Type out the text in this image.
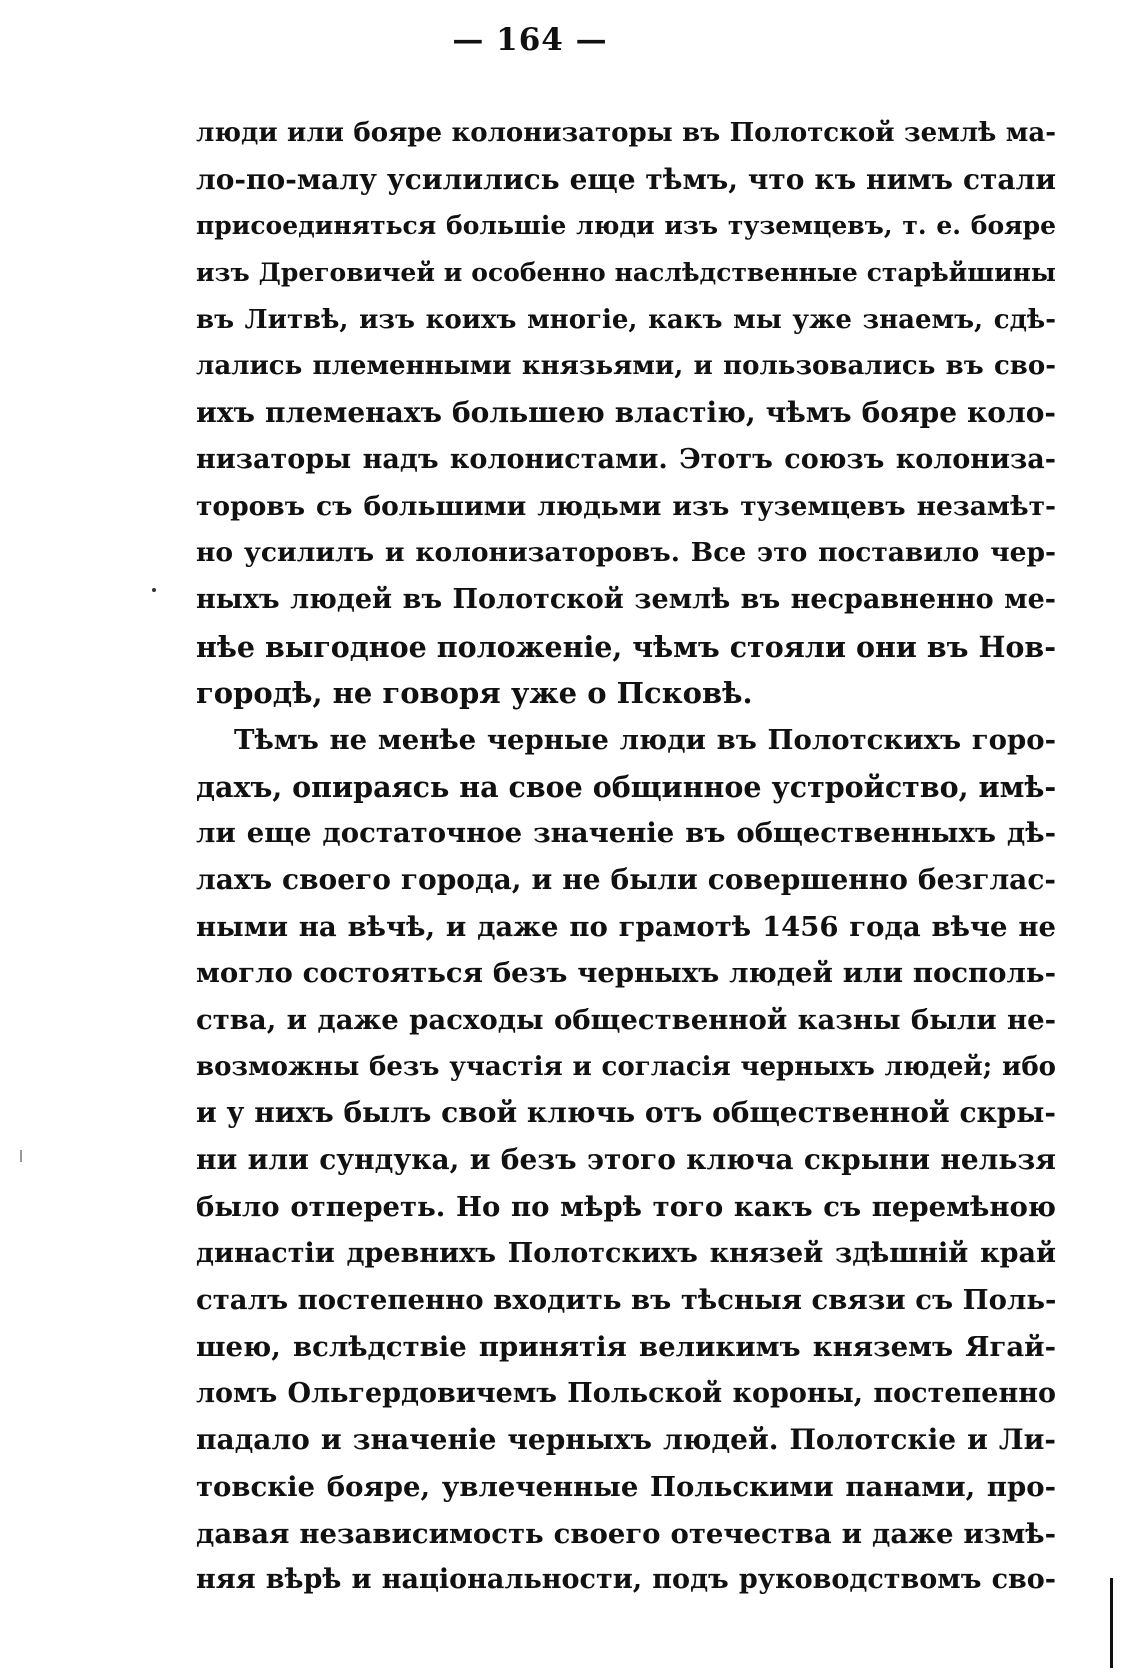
— 164 —
люди или бояре колонизаторы въ Полотской землѣ ма-
ло-по-малу усилились еще тѣмъ, что къ нимъ стали
присоединяться большіе люди изъ туземцевъ, т. е. бояре
изъ Дреговичей и особенно наслѣдственные старѣйшины
въ Литвѣ, изъ коихъ многіе, какъ мы уже знаемъ, сдѣ-
лались племенными князьями, и пользовались въ сво-
ихъ племенахъ большею властію, чѣмъ бояре коло-
низаторы надъ колонистами. Этотъ союзъ колониза-
торовъ съ большими людьми изъ туземцевъ незамѣт-
но усилилъ и колонизаторовъ. Все это поставило чер-
ныхъ людей въ Полотской землѣ въ несравненно ме-
нѣе выгодное положеніе, чѣмъ стояли они въ Нов-
городѣ, не говоря уже о Псковѣ.
Тѣмъ не менѣе черные люди въ Полотскихъ горо-
дахъ, опираясь на свое общинное устройство, имѣ-
ли еще достаточное значеніе въ общественныхъ дѣ-
лахъ своего города, и не были совершенно безглас-
ными на вѣчѣ, и даже по грамотѣ 1456 года вѣче не
могло состояться безъ черныхъ людей или посполь-
ства, и даже расходы общественной казны были не-
возможны безъ участія и согласія черныхъ людей; ибо
и у нихъ былъ свой ключь отъ общественной скры-
ни или сундука, и безъ этого ключа скрыни нельзя
было отпереть. Но по мѣрѣ того какъ съ перемѣною
династіи древнихъ Полотскихъ князей здѣшній край
сталъ постепенно входить въ тѣсныя связи съ Поль-
шею, вслѣдствіе принятія великимъ княземъ Ягай-
ломъ Ольгердовичемъ Польской короны, постепенно
падало и значеніе черныхъ людей. Полотскіе и Ли-
товскіе бояре, увлеченные Польскими панами, про-
давая независимость своего отечества и даже измѣ-
няя вѣрѣ и національности, подъ руководствомъ сво-
